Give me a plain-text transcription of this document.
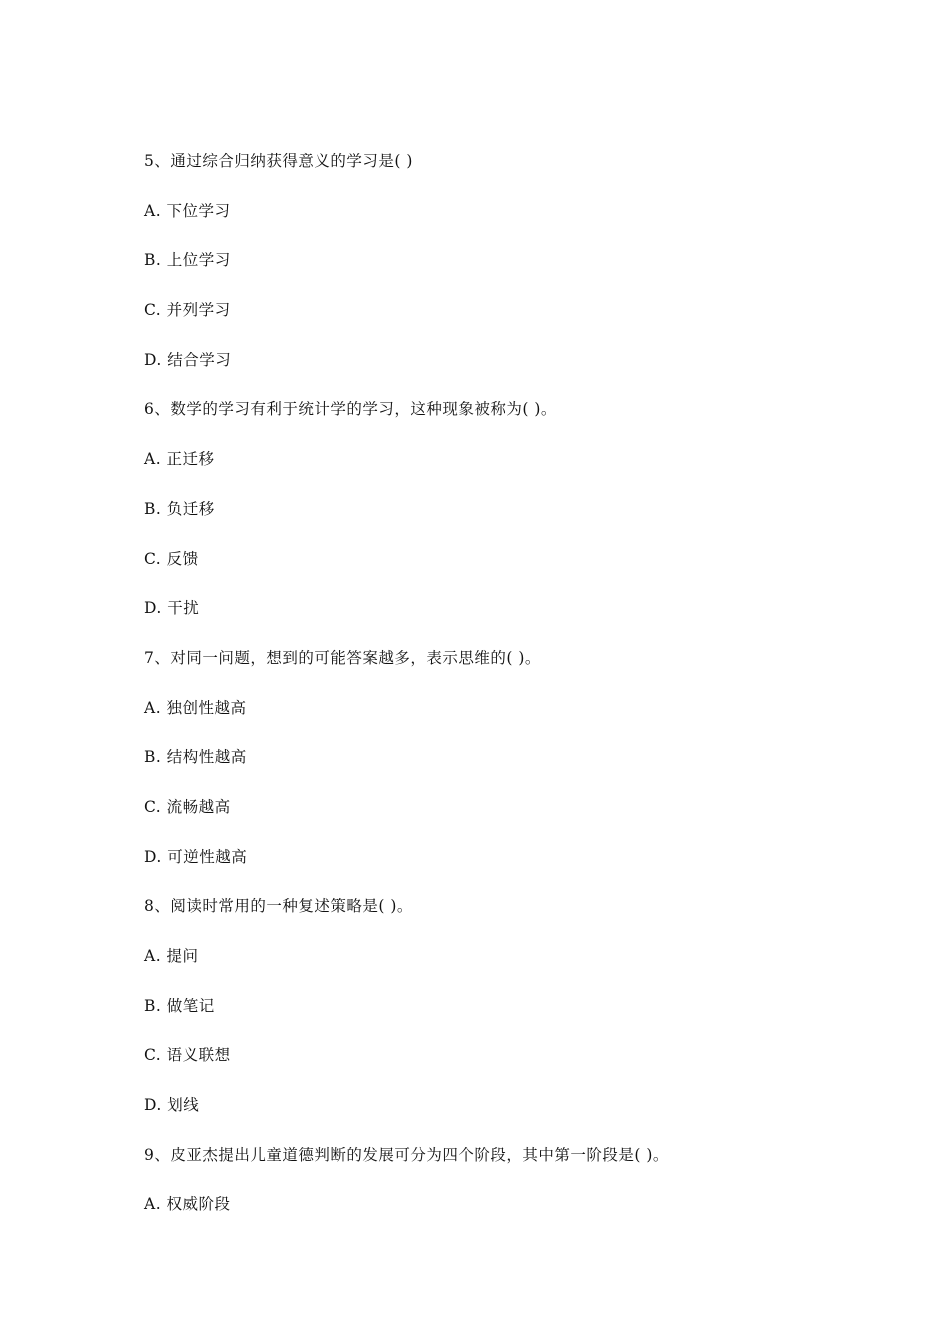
5、通过综合归纳获得意义的学习是( )
A. 下位学习
B. 上位学习
C. 并列学习
D. 结合学习
6、数学的学习有利于统计学的学习，这种现象被称为( )。
A. 正迁移
B. 负迁移
C. 反馈
D. 干扰
7、对同一问题，想到的可能答案越多，表示思维的( )。
A. 独创性越高
B. 结构性越高
C. 流畅越高
D. 可逆性越高
8、阅读时常用的一种复述策略是( )。
A. 提问
B. 做笔记
C. 语义联想
D. 划线
9、皮亚杰提出儿童道德判断的发展可分为四个阶段，其中第一阶段是( )。
A. 权威阶段
